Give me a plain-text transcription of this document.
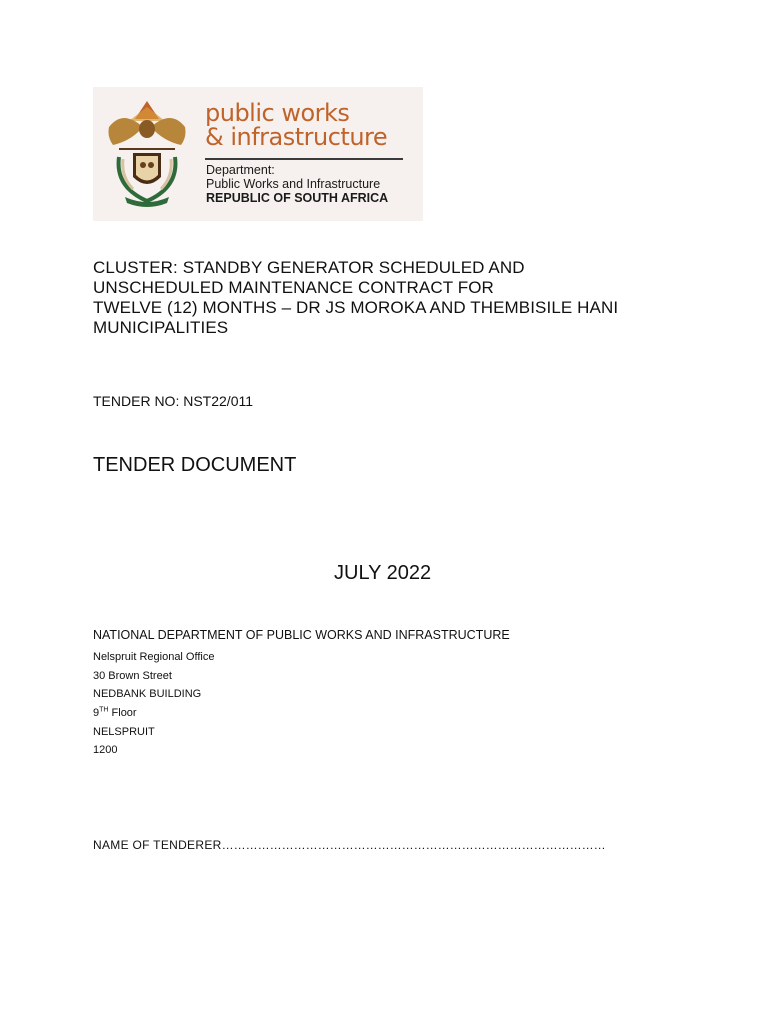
public works
& infrastructure
Department:
Public Works and Infrastructure
REPUBLIC OF SOUTH AFRICA
CLUSTER: STANDBY GENERATOR SCHEDULED AND
UNSCHEDULED MAINTENANCE CONTRACT FOR
TWELVE (12) MONTHS – DR JS MOROKA AND THEMBISILE HANI
MUNICIPALITIES
TENDER NO: NST22/011
TENDER DOCUMENT
JULY 2022
NATIONAL DEPARTMENT OF PUBLIC WORKS AND INFRASTRUCTURE
Nelspruit Regional Office
30 Brown Street
NEDBANK BUILDING
9TH Floor
NELSPRUIT
1200
NAME OF TENDERER……………………………………………………………………………………
